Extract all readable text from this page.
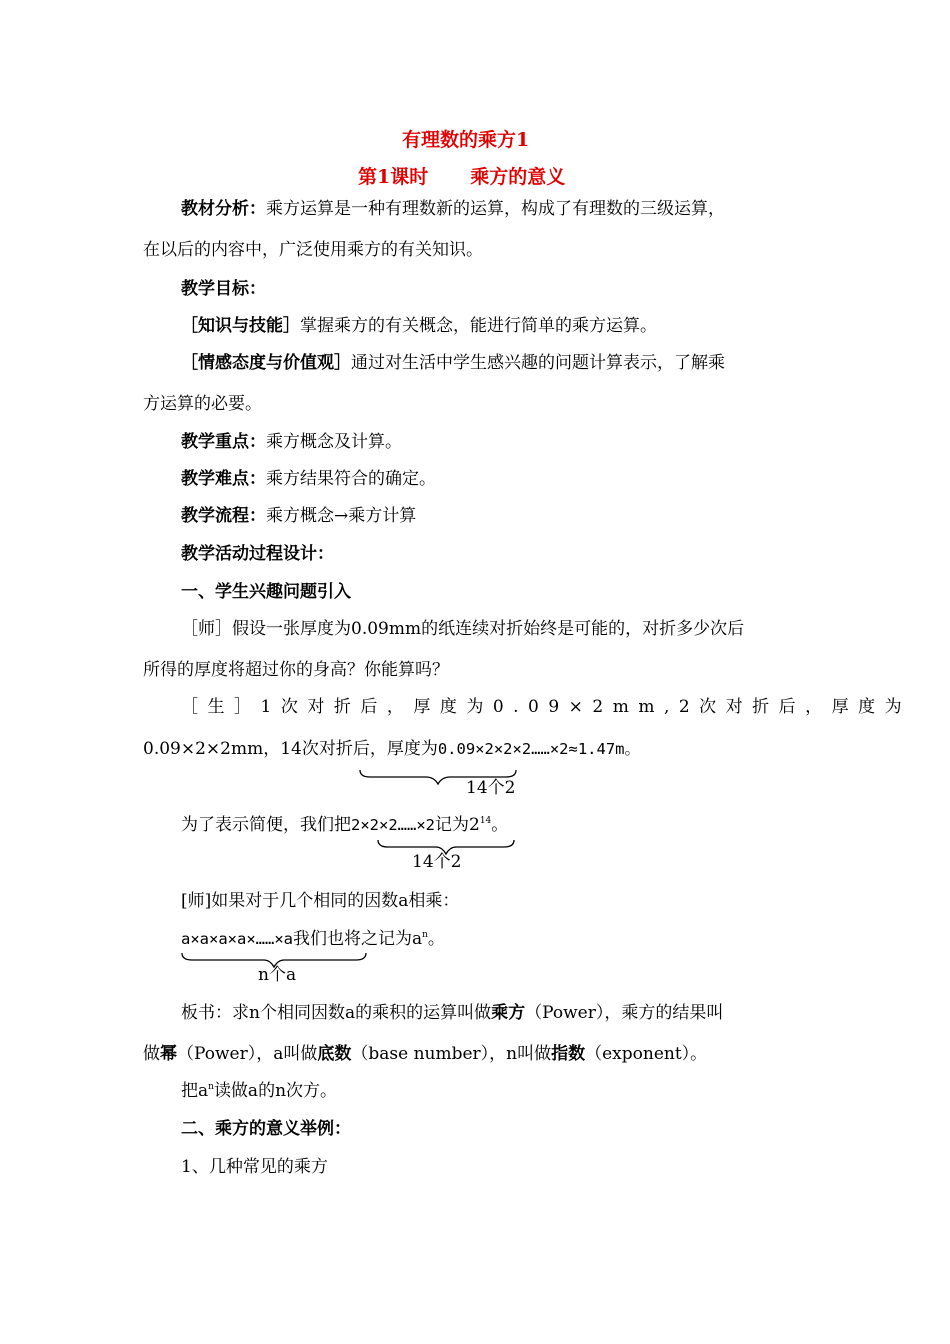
有理数的乘方1
第1课时 乘方的意义
教材分析：乘方运算是一种有理数新的运算，构成了有理数的三级运算，
在以后的内容中，广泛使用乘方的有关知识。
教学目标：
［知识与技能］掌握乘方的有关概念，能进行简单的乘方运算。
［情感态度与价值观］通过对生活中学生感兴趣的问题计算表示，了解乘
方运算的必要。
教学重点：乘方概念及计算。
教学难点：乘方结果符合的确定。
教学流程：乘方概念→乘方计算
教学活动过程设计：
一、学生兴趣问题引入
［师］假设一张厚度为0.09mm的纸连续对折始终是可能的，对折多少次后
所得的厚度将超过你的身高？你能算吗？
［生］1次对折后，厚度为0.09×2mm,2次对折后，厚度为
0.09×2×2mm，14次对折后，厚度为0.09×2×2×2……×2≈1.47m。
14个2
为了表示简便，我们把2×2×2……×2记为$2^{14}$。
14个2
[师]如果对于几个相同的因数a相乘：
a×a×a×a×……×a我们也将之记为$a^n$。
n个a
板书：求n个相同因数a的乘积的运算叫做乘方（Power），乘方的结果叫
做幂（Power），a叫做底数（base number），n叫做指数（exponent）。
把$a^n$读做a的n次方。
二、乘方的意义举例：
1、几种常见的乘方
